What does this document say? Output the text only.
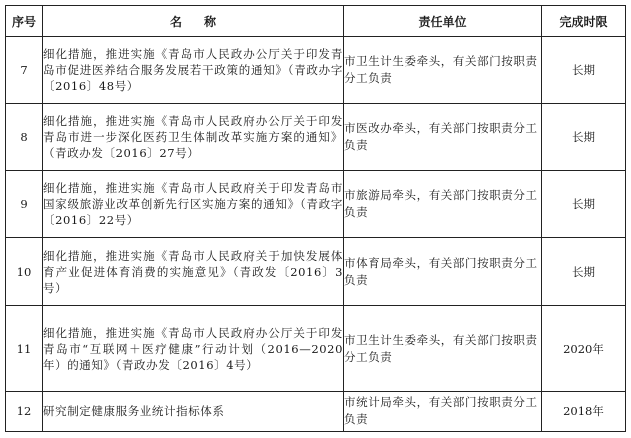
序号	名称	责任单位	完成时限
7	细化措施，推进实施《青岛市人民政办公厅关于印发青岛市促进医养结合服务发展若干政策的通知》（青政办字〔2016〕48号）	市卫生计生委牵头，有关部门按职责分工负责	长期
8	细化措施，推进实施《青岛市人民政府办公厅关于印发青岛市进一步深化医药卫生体制改革实施方案的通知》（青政办发〔2016〕27号）	市医改办牵头，有关部门按职责分工负责	长期
9	细化措施，推进实施《青岛市人民政府关于印发青岛市国家级旅游业改革创新先行区实施方案的通知》（青政字〔2016〕22号）	市旅游局牵头，有关部门按职责分工负责	长期
10	细化措施，推进实施《青岛市人民政府关于加快发展体育产业促进体育消费的实施意见》（青政发〔2016〕3号）	市体育局牵头，有关部门按职责分工负责	长期
11	细化措施，推进实施《青岛市人民政府办公厅关于印发青岛市“互联网＋医疗健康”行动计划（2016—2020年）的通知》（青政办发〔2016〕4号）	市卫生计生委牵头，有关部门按职责分工负责	2020年
12	研究制定健康服务业统计指标体系	市统计局牵头，有关部门按职责分工负责	2018年
